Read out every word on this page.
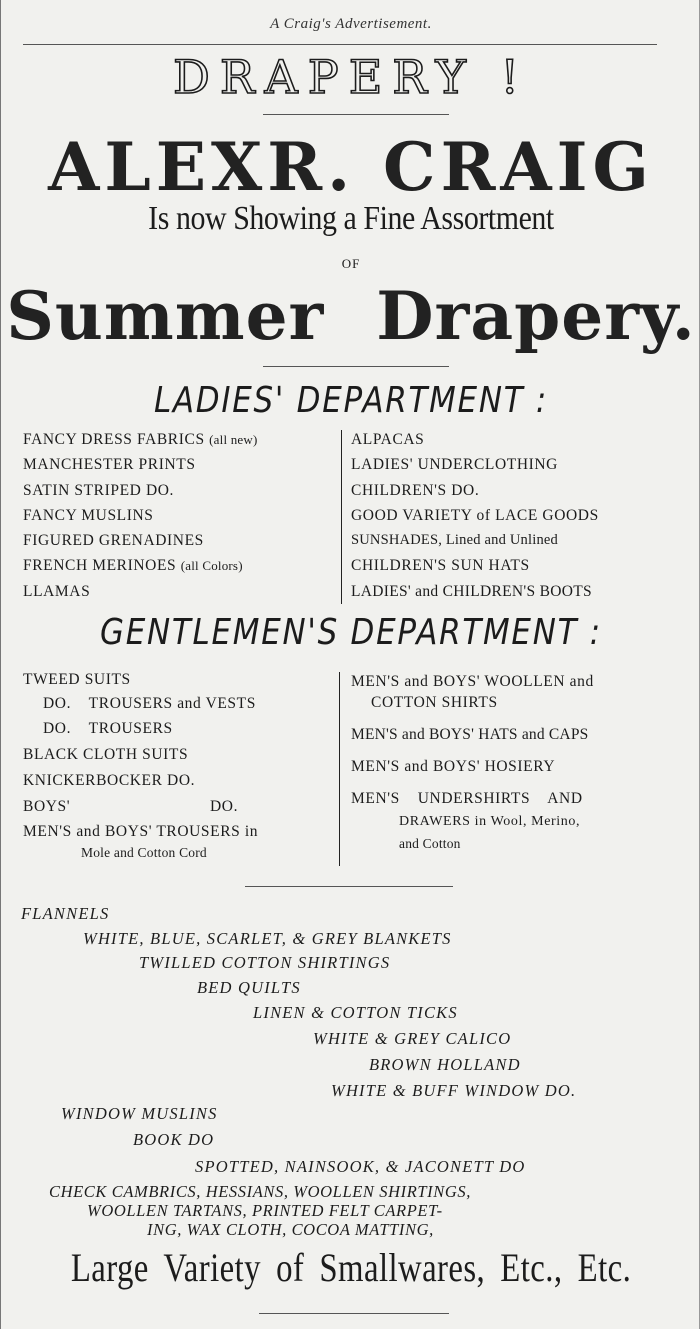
A Craig's Advertisement.
DRAPERY !
ALEXR. CRAIG
Is now Showing a Fine Assortment
OF
Summer Drapery.
LADIES' DEPARTMENT :
FANCY DRESS FABRICS (all new)
MANCHESTER PRINTS
SATIN STRIPED DO.
FANCY MUSLINS
FIGURED GRENADINES
FRENCH MERINOES (all Colors)
LLAMAS
ALPACAS
LADIES' UNDERCLOTHING
CHILDREN'S DO.
GOOD VARIETY of LACE GOODS
SUNSHADES, Lined and Unlined
CHILDREN'S SUN HATS
LADIES' and CHILDREN'S BOOTS
GENTLEMEN'S DEPARTMENT :
TWEED SUITS
DO.    TROUSERS and VESTS
DO.    TROUSERS
BLACK CLOTH SUITS
KNICKERBOCKER DO.
BOYS'	DO.
MEN'S and BOYS' TROUSERS in
Mole and Cotton Cord
MEN'S and BOYS' WOOLLEN and
COTTON SHIRTS
MEN'S and BOYS' HATS and CAPS
MEN'S and BOYS' HOSIERY
MEN'S    UNDERSHIRTS    AND
DRAWERS in Wool, Merino,
and Cotton
FLANNELS
WHITE, BLUE, SCARLET, & GREY BLANKETS
TWILLED COTTON SHIRTINGS
BED QUILTS
LINEN & COTTON TICKS
WHITE & GREY CALICO
BROWN HOLLAND
WHITE & BUFF WINDOW DO.
WINDOW MUSLINS
BOOK DO
SPOTTED, NAINSOOK, & JACONETT DO
CHECK CAMBRICS, HESSIANS, WOOLLEN SHIRTINGS,
WOOLLEN TARTANS, PRINTED FELT CARPET-
ING, WAX CLOTH, COCOA MATTING,
Large Variety of Smallwares, Etc., Etc.
